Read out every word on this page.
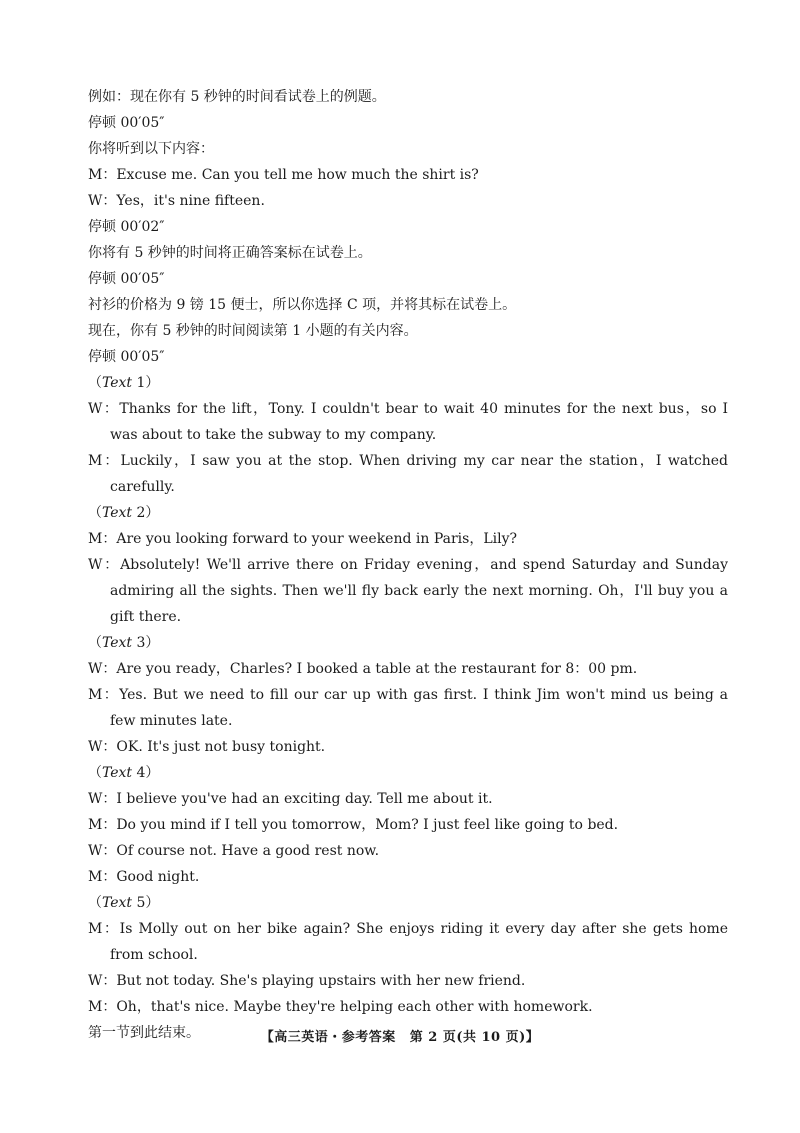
例如：现在你有 5 秒钟的时间看试卷上的例题。
停顿 00′05″
你将听到以下内容：
M：Excuse me. Can you tell me how much the shirt is?
W：Yes，it's nine fifteen.
停顿 00′02″
你将有 5 秒钟的时间将正确答案标在试卷上。
停顿 00′05″
衬衫的价格为 9 镑 15 便士，所以你选择 C 项，并将其标在试卷上。
现在，你有 5 秒钟的时间阅读第 1 小题的有关内容。
停顿 00′05″
（Text 1）
W：Thanks for the lift，Tony. I couldn't bear to wait 40 minutes for the next bus，so I was about to take the subway to my company.
M：Luckily，I saw you at the stop. When driving my car near the station，I watched carefully.
（Text 2）
M：Are you looking forward to your weekend in Paris，Lily?
W：Absolutely! We'll arrive there on Friday evening，and spend Saturday and Sunday admiring all the sights. Then we'll fly back early the next morning. Oh，I'll buy you a gift there.
（Text 3）
W：Are you ready，Charles? I booked a table at the restaurant for 8：00 pm.
M：Yes. But we need to fill our car up with gas first. I think Jim won't mind us being a few minutes late.
W：OK. It's just not busy tonight.
（Text 4）
W：I believe you've had an exciting day. Tell me about it.
M：Do you mind if I tell you tomorrow，Mom? I just feel like going to bed.
W：Of course not. Have a good rest now.
M：Good night.
（Text 5）
M：Is Molly out on her bike again? She enjoys riding it every day after she gets home from school.
W：But not today. She's playing upstairs with her new friend.
M：Oh，that's nice. Maybe they're helping each other with homework.
第一节到此结束。	【高三英语・参考答案 第 2 页(共 10 页)】
